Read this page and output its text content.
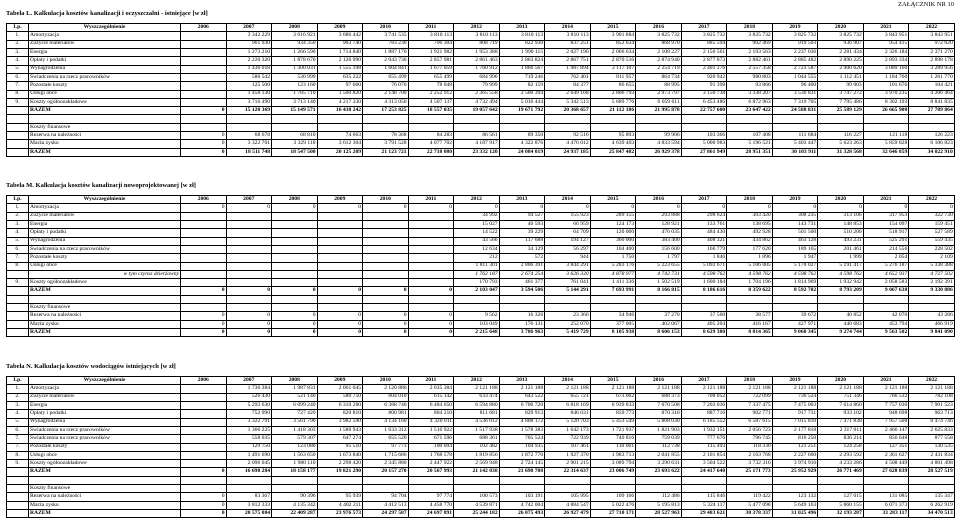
ZAŁĄCZNIK NR 10
Tabela L. Kalkulacja kosztów kanalizacji i oczyszczalni - istniejące [w zł]
Lp.	Wyszczególnienie	2006	2007	2008	2009	2010	2011	2012	2013	2014	2015	2016	2017	2018	2019	2020	2021	2022
1.	Amortyzacja		3 342 229	3 616 921	3 686 442	3 741 535	3 810 113	3 810 113	3 810 113	3 810 113	3 901 884	3 825 732	3 825 732	3 825 732	3 825 732	3 825 732	3 843 951	3 843 951
2.	Zużycie materiałów		961 930	934 350	903 740	783 230	796 304	808 719	822 930	837 251	852 634	868 970	885 594	902 469	919 503	936 907	954 415	972 020
3.	Energia		1 273 210	1 266 590	1 714 840	1 887 170	1 921 982	1 953 388	1 990 115	2 027 190	2 066 634	2 108 227	2 150 561	2 193 563	2 237 036	2 281 434	2 326 184	2 371 270
4.	Opłaty i podatki		2 220 320	1 878 670	2 126 990	2 043 730	2 857 981	2 861 463	2 863 824	2 867 751	2 870 516	2 874 940	2 877 873	2 882 461	2 885 482	2 890 225	2 893 334	2 898 178
5.	Wynagrodzenia		1 436 018	1 300 031	1 555 198	1 604 841	1 677 059	1 760 912	1 866 567	1 987 894	2 117 107	2 254 719	2 401 276	2 557 358	2 723 587	2 900 620	3 089 160	3 289 956
6.	Świadczenia na rzecz pracowników		586 542	530 999	635 222	655 499	655 499	684 996	719 246	762 401	811 957	864 734	920 942	980 803	1 044 555	1 112 451	1 184 760	1 261 770
7.	Pozostałe koszty		125 500	123 160	97 660	76 070	78 048	79 999	82 159	84 377	86 655	88 995	91 398	93 866	96 400	99 003	101 676	104 421
8.	Usługi obce		1 458 130	1 785 710	1 500 820	2 148 700	2 252 912	2 365 558	2 500 394	2 649 168	2 806 793	2 973 797	3 150 738	3 338 207	3 536 831	3 747 272	3 970 235	4 206 464
9.	Koszty ogółnozakładowe		3 716 490	3 713 140	4 217 330	4 313 050	4 507 137	4 732 494	5 016 444	5 342 513	5 689 776	6 059 611	6 453 486	6 872 963	7 319 705	7 795 486	8 302 193	8 841 835
	RAZEM	0	15 120 369	15 149 571	16 438 242	17 253 825	18 557 035	19 057 642	19 671 792	20 368 657	21 112 186	21 995 878	22 757 600	23 647 422	24 588 831	25 589 129	26 665 908	27 789 864

	Koszty finansowe																	
	Rezerwa na należności	0	68 678	68 810	74 663	78 368	84 283	86 561	89 350	92 516	95 893	99 906	103 366	107 408	111 684	116 227	121 118	126 223
	Marża zysku	0	3 322 701	3 329 118	3 612 304	3 791 528	4 077 702	4 187 917	4 322 876	4 476 012	4 639 403	4 833 594	5 000 983	5 196 521	5 403 447	5 623 263	5 859 828	6 106 823
	RAZEM	0	18 511 748	18 547 500	20 125 209	21 123 721	22 718 080	23 332 120	24 084 019	24 937 185	25 847 482	26 929 378	27 861 949	28 951 351	30 103 911	31 328 568	32 646 859	34 022 910
Tabela M. Kalkulacja kosztów kanalizacji nowoprojektowanej [w zł]
Lp.	Wyszczególnienie	2006	2007	2008	2009	2010	2011	2012	2013	2014	2015	2016	2017	2018	2019	2020	2021	2022
1.	Amortyzacja	0	0	0	0	0	0	0	0	0	0	0	0	0	0	0	0	0
2.	Zużycie materiałów							34 992	94 527	155 923	289 155	293 888	298 624	303 420	308 235	313 106	317 953	322 730
3.	Energia							15 027	40 593	66 959	124 173	128 921	133 761	138 695	143 731	148 853	154 097	159 451
4.	Opłaty i podatki							14 522	39 229	64 709	120 000	476 035	484 430	492 928	501 500	510 200	518 917	527 589
5.	Wynagrodzenia							43 566	117 688	194 127	360 000	383 400	408 321	434 862	463 128	493 231	525 291	559 435
6.	Świadczenia na rzecz pracowników							12 634	34 129	56 297	104 400	156 600	166 779	177 620	189 165	201 461	214 556	228 502
7.	Pozostałe koszty							212	572	944	1 750	1 797	1 846	1 896	1 947	1 999	2 054	2 109
8.	Usługi obce							1 811 301	2 806 391	3 844 291	5 283 176	5 223 655	5 092 671	5 106 005	5 170 027	5 191 417	5 276 187	5 338 388
	w tym czynsz dzierżawny							1 762 187	2 674 254	3 626 330	4 878 977	4 742 731	4 598 762	4 598 762	4 598 762	4 598 762	4 652 937	4 727 502
9.	Koszty ogółnozakładowe							170 793	461 377	761 041	1 411 336	1 502 519	1 600 184	1 704 196	1 814 969	1 932 942	2 058 583	2 192 391
	RAZEM	0	0	0	0	0	0	2 103 047	3 594 506	5 144 291	7 693 991	8 166 815	8 186 616	8 359 622	8 592 702	8 793 209	9 067 638	9 330 886

	Koszty finansowe																	
	Rezerwa na należności	0	0	0	0	0	0	9 562	16 326	23 366	34 946	37 270	37 560	38 577	39 672	40 852	42 070	43 286
	Marża zysku	0	0	0	0	0	0	103 049	176 131	252 070	377 005	402 067	405 204	416 167	427 971	440 683	453 794	466 919
	RAZEM	0	0	0	0	0	0	2 215 648	3 786 963	5 419 729	8 105 938	8 606 153	8 629 380	8 814 365	9 060 345	9 274 744	9 563 502	9 841 090
Tabela N. Kalkulacja kosztów wodociągów istniejących [w zł]
Lp.	Wyszczególnienie	2006	2007	2008	2009	2010	2011	2012	2013	2014	2015	2016	2017	2018	2019	2020	2021	2022
1.	Amortyzacja		1 736 384	1 987 831	2 061 045	2 120 886	2 035 384	2 121 188	2 121 188	2 121 188	2 121 188	2 121 188	2 121 188	2 121 188	2 121 188	2 121 188	2 121 188	2 121 188
2.	Zużycie materiałów		526 430	521 140	580 750	604 010	615 142	633 474	643 522	655 721	673 062	688 373	708 052	722 099	736 524	751 346	766 532	782 108
3.	Energia		5 293 630	6 099 240	6 310 280	6 388 740	6 484 650	6 594 880	6 706 720	6 818 169	6 939 833	7 070 508	7 203 036	7 337 475	7 475 003	7 614 860	7 757 030	7 901 523
4.	Opłaty i podatki		752 990	727 420	820 810	800 981	804 210	811 681	829 913	846 031	859 773	870 316	887 716	902 771	917 731	933 102	948 698	963 713
5.	Wynagrodzenia		3 322 791	3 561 790	3 982 590	4 134 160	4 320 011	4 536 012	4 808 172	5 120 703	5 453 549	5 808 030	6 185 552	6 587 615	7 015 810	7 471 838	7 957 508	8 474 746
6.	Świadczenia na rzecz pracowników		1 366 225	1 418 303	1 580 943	1 633 312	1 516 922	1 517 938	1 578 383	1 642 173	1 721 937	1 821 903	1 932 151	2 056 723	2 177 818	2 317 011	2 466 147	2 625 833
7.	Świadczenia na rzecz pracowników		558 035	579 307	647 274	655 520	671 596	688 361	705 524	722 939	740 816	759 039	777 676	796 745	816 250	836 214	856 648	877 558
7.	Pozostałe koszty		129 750	123 080	95 510	97 773	100 094	102 482	104 935	107 461	110 061	112 738	115 493	118 330	121 251	124 258	127 351	130 535
8.	Usługi obce		1 491 690	1 563 650	1 673 840	1 715 686	1 768 578	1 819 856	1 872 770	1 927 370	1 983 713	2 041 855	2 101 854	2 163 768	2 227 660	2 293 592	2 361 627	2 431 834
9.	Koszty ogółnozakładowe		2 096 045	1 980 110	2 298 420	2 345 880	2 447 922	2 569 948	2 724 145	2 901 215	3 089 794	3 290 631	3 504 522	3 732 316	3 974 916	4 233 286	4 508 449	4 801 498
	RAZEM	0	16 698 284	18 158 177	19 821 290	20 157 270	20 567 993	21 142 038	21 690 708	22 314 637	23 006 749	23 693 622	24 417 640	25 171 773	25 952 929	26 771 469	27 628 839	28 527 519

	Koszty finansowe																	
	Rezerwa na należności	0	83 367	90 396	95 939	94 704	97 774	100 573	103 191	105 995	109 166	112 486	115 846	119 422	123 132	127 015	131 085	135 347
	Marża zysku	0	3 812 333	4 135 342	4 402 211	4 412 513	4 458 770	4 539 871	4 742 004	4 884 547	5 022 476	5 195 813	5 324 117	5 477 098	5 649 163	5 860 155	6 071 373	6 262 919
	RAZEM	0	20 575 084	22 409 287	23 976 573	24 297 587	24 697 891	25 244 182	26 075 493	26 927 479	27 710 171	28 527 963	29 483 621	30 378 337	31 025 496	32 193 287	33 283 117	34 470 513
